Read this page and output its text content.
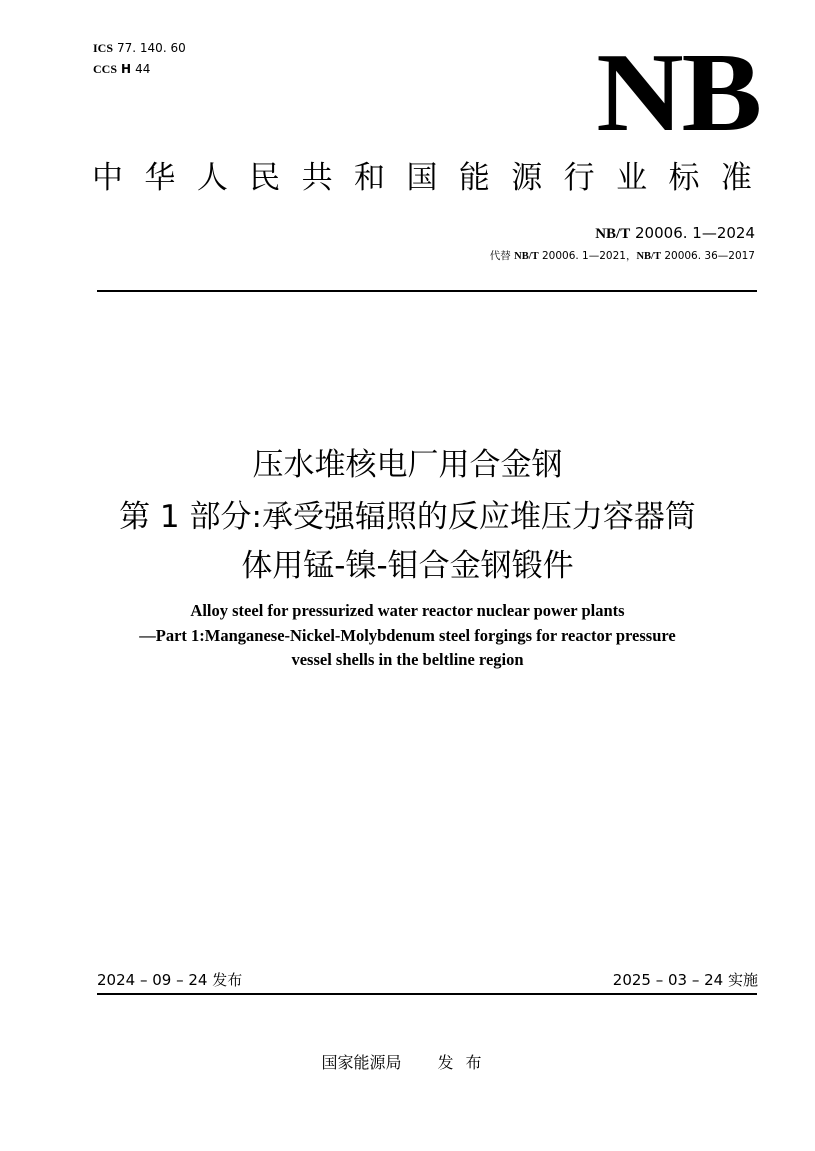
ICS 77. 140. 60
CCS H 44	NB
中 华 人 民 共 和 国 能 源 行 业 标 准
NB/T 20006. 1—2024
代替 NB/T 20006. 1—2021，NB/T 20006. 36—2017
压水堆核电厂用合金钢
第 1 部分:承受强辐照的反应堆压力容器筒
体用锰-镍-钼合金钢锻件
Alloy steel for pressurized water reactor nuclear power plants
—Part 1:Manganese-Nickel-Molybdenum steel forgings for reactor pressure
vessel shells in the beltline region
2024 – 09 – 24 发布	2025 – 03 – 24 实施
国家能源局 发布
